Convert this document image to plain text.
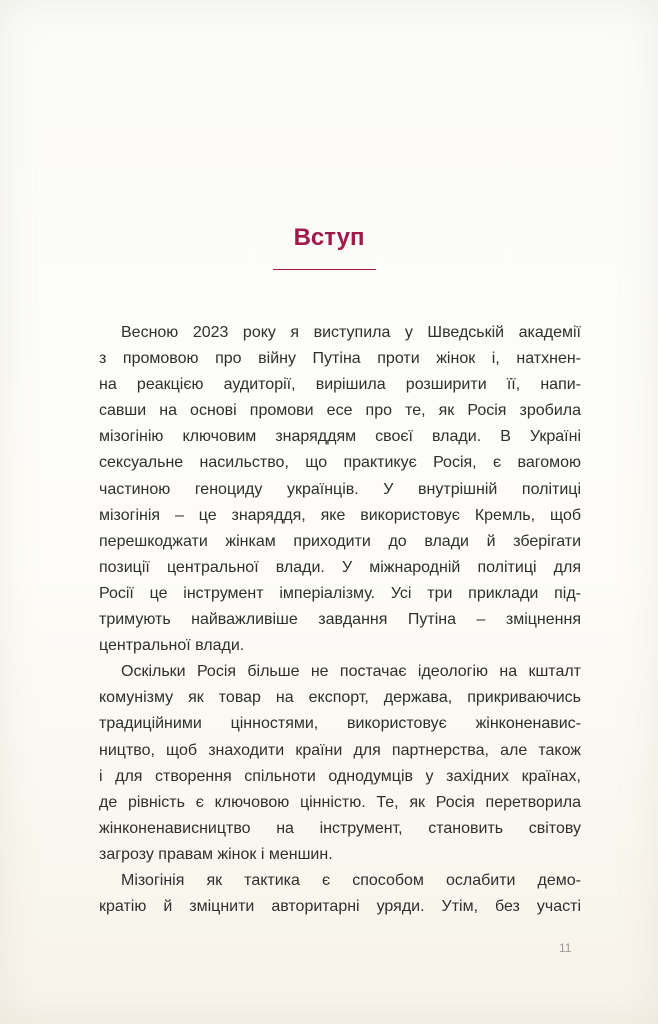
Вступ
Весною 2023 року я виступила у Шведській академії
з промовою про війну Путіна проти жінок і, натхнен-
на реакцією аудиторії, вирішила розширити її, напи-
савши на основі промови есе про те, як Росія зробила
мізогінію ключовим знаряддям своєї влади. В Україні
сексуальне насильство, що практикує Росія, є вагомою
частиною геноциду українців. У внутрішній політиці
мізогінія – це знаряддя, яке використовує Кремль, щоб
перешкоджати жінкам приходити до влади й зберігати
позиції центральної влади. У міжнародній політиці для
Росії це інструмент імперіалізму. Усі три приклади під-
тримують найважливіше завдання Путіна – зміцнення
центральної влади.
Оскільки Росія більше не постачає ідеологію на кшталт
комунізму як товар на експорт, держава, прикриваючись
традиційними цінностями, використовує жінконенавис-
ництво, щоб знаходити країни для партнерства, але також
і для створення спільноти однодумців у західних країнах,
де рівність є ключовою цінністю. Те, як Росія перетворила
жінконенависництво на інструмент, становить світову
загрозу правам жінок і меншин.
Мізогінія як тактика є способом ослабити демо-
кратію й зміцнити авторитарні уряди. Утім, без участі
11
